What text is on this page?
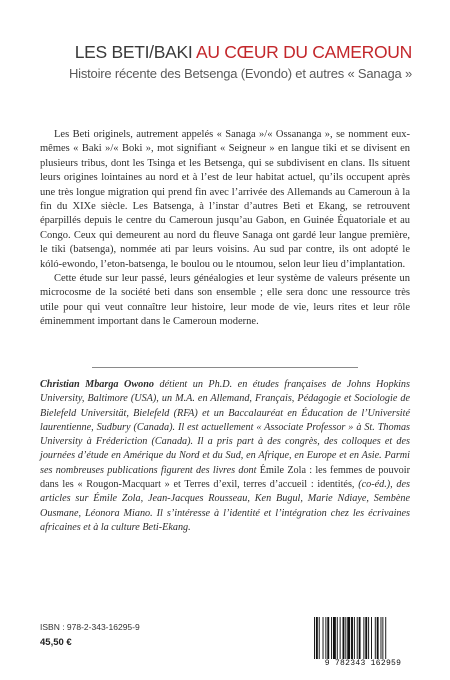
LES BETI/BAKI AU CŒUR DU CAMEROUN
Histoire récente des Betsenga (Evondo) et autres « Sanaga »

Les Beti originels, autrement appelés « Sanaga »/« Ossananga », se nomment eux-mêmes « Baki »/« Boki », mot signifiant « Seigneur » en langue tiki et se divisent en plusieurs tribus, dont les Tsinga et les Betsenga, qui se subdivisent en clans. Ils situent leurs origines lointaines au nord et à l’est de leur habitat actuel, qu’ils occupent après une très longue migration qui prend fin avec l’arrivée des Allemands au Cameroun à la fin du XIXe siècle. Les Batsenga, à l’instar d’autres Beti et Ekang, se retrouvent éparpillés depuis le centre du Cameroun jusqu’au Gabon, en Guinée Équatoriale et au Congo. Ceux qui demeurent au nord du fleuve Sanaga ont gardé leur langue première, le tiki (batsenga), nommée ati par leurs voisins. Au sud par contre, ils ont adopté le kóló-ewondo, l’eton-batsenga, le boulou ou le ntoumou, selon leur lieu d’implantation.

Cette étude sur leur passé, leurs généalogies et leur système de valeurs présente un microcosme de la société beti dans son ensemble ; elle sera donc une ressource très utile pour qui veut connaître leur histoire, leur mode de vie, leurs rites et leur rôle éminemment important dans le Cameroun moderne.

Christian Mbarga Owono détient un Ph.D. en études françaises de Johns Hopkins University, Baltimore (USA), un M.A. en Allemand, Français, Pédagogie et Sociologie de Bielefeld Universität, Bielefeld (RFA) et un Baccalauréat en Éducation de l’Université laurentienne, Sudbury (Canada). Il est actuellement « Associate Professor » à St. Thomas University à Fréderiction (Canada). Il a pris part à des congrès, des colloques et des journées d’étude en Amérique du Nord et du Sud, en Afrique, en Europe et en Asie. Parmi ses nombreuses publications figurent des livres dont Émile Zola : les femmes de pouvoir dans les « Rougon-Macquart » et Terres d’exil, terres d’accueil : identités, (co-éd.), des articles sur Émile Zola, Jean-Jacques Rousseau, Ken Bugul, Marie Ndiaye, Sembène Ousmane, Léonora Miano. Il s’intéresse à l’identité et l’intégration chez les écrivaines africaines et à la culture Beti-Ekang.

ISBN : 978-2-343-16295-9
45,50 €
9 782343 162959
